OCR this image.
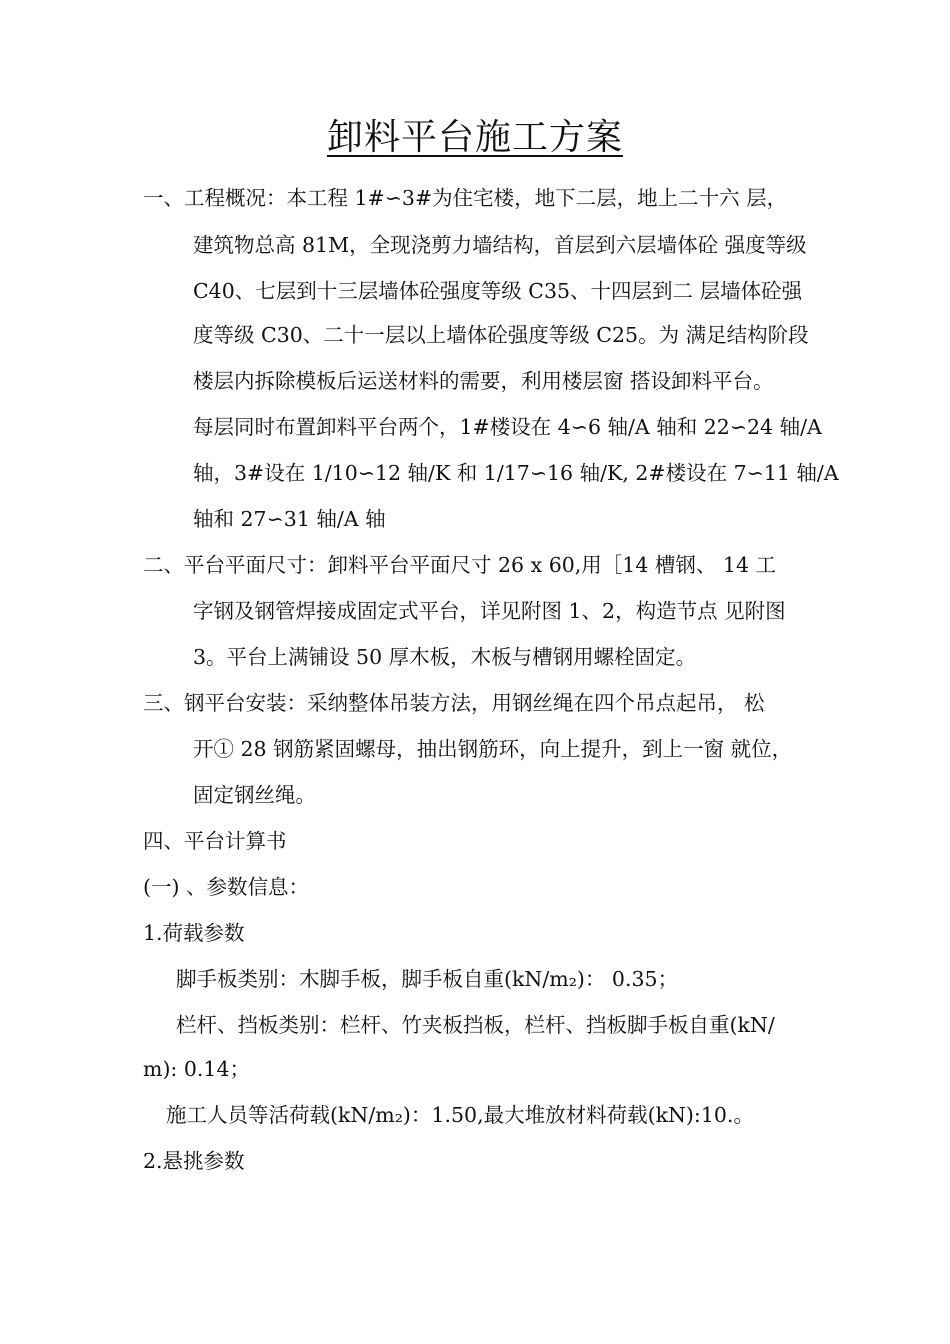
卸料平台施工方案
一、工程概况：本工程 1#∽3#为住宅楼，地下二层，地上二十六 层，
建筑物总高 81M，全现浇剪力墙结构，首层到六层墙体砼 强度等级
C40、七层到十三层墙体砼强度等级 C35、十四层到二 层墙体砼强
度等级 C30、二十一层以上墙体砼强度等级 C25。为 满足结构阶段
楼层内拆除模板后运送材料的需要，利用楼层窗 搭设卸料平台。
每层同时布置卸料平台两个，1#楼设在 4∽6 轴/A 轴和 22∽24 轴/A
轴，3#设在 1/10∽12 轴/K 和 1/17∽16 轴/K, 2#楼设在 7∽11 轴/A
轴和 27∽31 轴/A 轴
二、平台平面尺寸：卸料平台平面尺寸 26 x 60,用［14 槽钢、 14 工
字钢及钢管焊接成固定式平台，详见附图 1、2，构造节点 见附图
3。平台上满铺设 50 厚木板，木板与槽钢用螺栓固定。
三、钢平台安装：采纳整体吊装方法，用钢丝绳在四个吊点起吊， 松
开① 28 钢筋紧固螺母，抽出钢筋环，向上提升，到上一窗 就位，
固定钢丝绳。
四、平台计算书
(一) 、参数信息：
1.荷载参数
脚手板类别：木脚手板，脚手板自重(kN/m₂)： 0.35；
栏杆、挡板类别：栏杆、竹夹板挡板，栏杆、挡板脚手板自重(kN/
m): 0.14；
施工人员等活荷载(kN/m₂)：1.50,最大堆放材料荷载(kN):10.。
2.悬挑参数
